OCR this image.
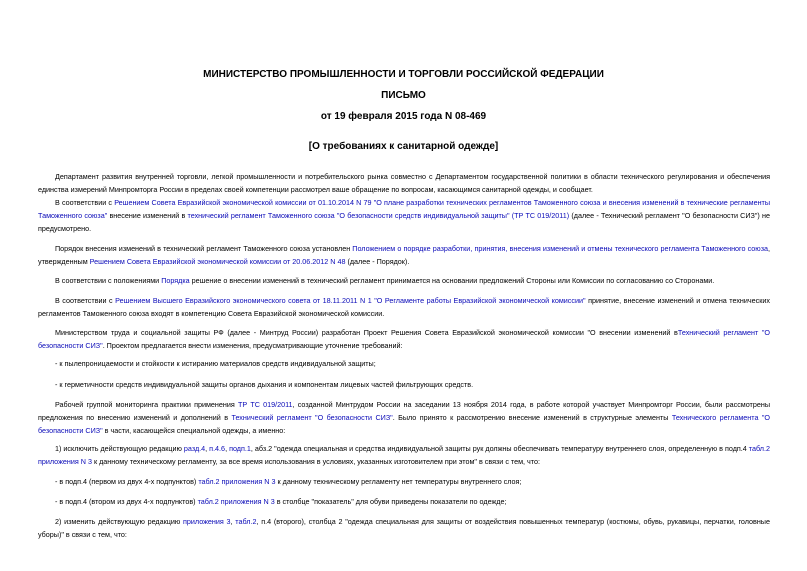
МИНИСТЕРСТВО ПРОМЫШЛЕННОСТИ И ТОРГОВЛИ РОССИЙСКОЙ ФЕДЕРАЦИИ
ПИСЬМО
от 19 февраля 2015 года N 08-469
[О требованиях к санитарной одежде]

Департамент развития внутренней торговли, легкой промышленности и потребительского рынка совместно с Департаментом государственной политики в области технического регулирования и обеспечения единства измерений Минпромторга России в пределах своей компетенции рассмотрел ваше обращение по вопросам, касающимся санитарной одежды, и сообщает.

В соответствии с Решением Совета Евразийской экономической комиссии от 01.10.2014 N 79 "О плане разработки технических регламентов Таможенного союза и внесения изменений в технические регламенты Таможенного союза" внесение изменений в технический регламент Таможенного союза "О безопасности средств индивидуальной защиты" (ТР ТС 019/2011) (далее - Технический регламент "О безопасности СИЗ") не предусмотрено.

Порядок внесения изменений в технический регламент Таможенного союза установлен Положением о порядке разработки, принятия, внесения изменений и отмены технического регламента Таможенного союза, утвержденным Решением Совета Евразийской экономической комиссии от 20.06.2012 N 48 (далее - Порядок).

В соответствии с положениями Порядка решение о внесении изменений в технический регламент принимается на основании предложений Стороны или Комиссии по согласованию со Сторонами.

В соответствии с Решением Высшего Евразийского экономического совета от 18.11.2011 N 1 "О Регламенте работы Евразийской экономической комиссии" принятие, внесение изменений и отмена технических регламентов Таможенного союза входят в компетенцию Совета Евразийской экономической комиссии.

Министерством труда и социальной защиты РФ (далее - Минтруд России) разработан Проект Решения Совета Евразийской экономической комиссии "О внесении изменений вТехнический регламент "О безопасности СИЗ". Проектом предлагается внести изменения, предусматривающие уточнение требований:

- к пылепроницаемости и стойкости к истиранию материалов средств индивидуальной защиты;

- к герметичности средств индивидуальной защиты органов дыхания и компонентам лицевых частей фильтрующих средств.

Рабочей группой мониторинга практики применения ТР ТС 019/2011, созданной Минтрудом России на заседании 13 ноября 2014 года, в работе которой участвует Минпромторг России, были рассмотрены предложения по внесению изменений и дополнений в Технический регламент "О безопасности СИЗ". Было принято к рассмотрению внесение изменений в структурные элементы Технического регламента "О безопасности СИЗ" в части, касающейся специальной одежды, а именно:

1) исключить действующую редакцию разд.4, п.4.6, подп.1, абз.2 "одежда специальная и средства индивидуальной защиты рук должны обеспечивать температуру внутреннего слоя, определенную в подп.4 табл.2 приложения N 3 к данному техническому регламенту, за все время использования в условиях, указанных изготовителем при этом" в связи с тем, что:

- в подп.4 (первом из двух 4-х подпунктов) табл.2 приложения N 3 к данному техническому регламенту нет температуры внутреннего слоя;

- в подп.4 (втором из двух 4-х подпунктов) табл.2 приложения N 3 в столбце "показатель" для обуви приведены показатели по одежде;

2) изменить действующую редакцию приложения 3, табл.2, п.4 (второго), столбца 2 "одежда специальная для защиты от воздействия повышенных температур (костюмы, обувь, рукавицы, перчатки, головные уборы)" в связи с тем, что:
